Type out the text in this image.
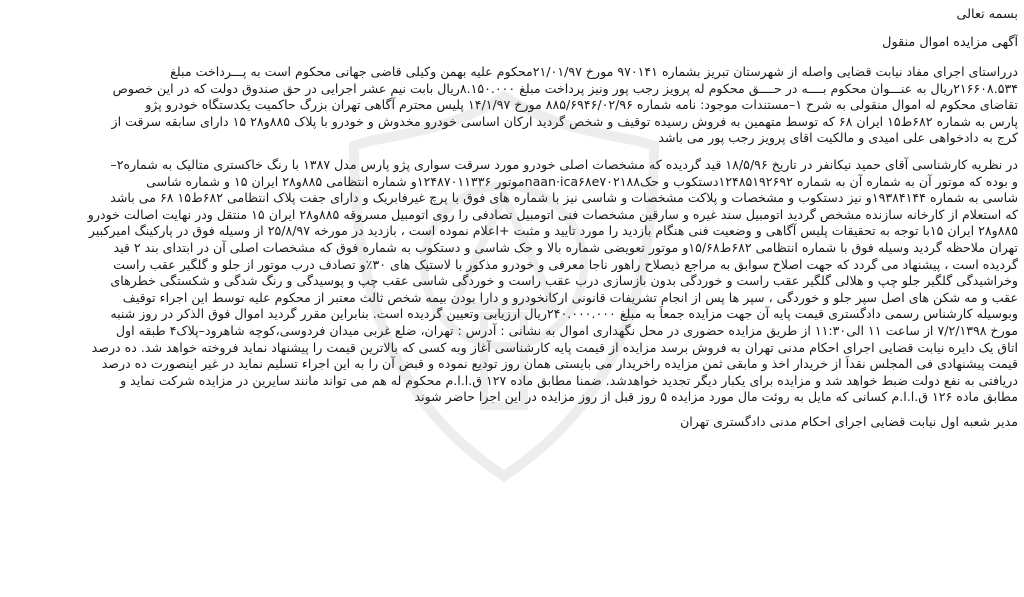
بسمه تعالی
آگهی مزایده اموال منقول
درراستای اجرای مفاد نیابت قضایی واصله از شهرستان تبریز بشماره ۹۷۰۱۴۱ مورخ ۲۱/۰۱/۹۷محکوم علیه بهمن وکیلی قاضی جهانی محکوم است به پـــرداخت مبلغ
۲۱۶۶۰۸.۵۳۴ریال به عنـــوان محکوم بــــه در حــــق محکوم له پرویز رجب پور ونیز پرداخت مبلغ ۸.۱۵۰.۰۰۰ریال بابت نیم عشر اجرایی در حق صندوق دولت که در این خصوص
تقاضای محکوم له اموال منقولی به شرح ۱–مستندات موجود: نامه شماره ۸۸۵/۶۹۴۶/۰۲/۹۶ مورخ ۱۴/۱/۹۷ پلیس محترم آگاهی تهران بزرگ حاکمیت یکدستگاه خودرو پژو
پارس به شماره ۶۸۲ط۱۵ ایران ۶۸ که توسط متهمین به فروش رسیده توقیف و شخص گردید ارکان اساسی خودرو مخدوش و خودرو با پلاک ۸۸۵و۲۸ ۱۵ دارای سابقه سرقت از
کرج به دادخواهی علی امیدی و مالکیت اقای پرویز رجب پور می باشد
در نظریه کارشناسی آقای حمید نیکانفر در تاریخ ۱۸/۵/۹۶ قید گردیده که مشخصات اصلی خودرو مورد سرقت سواری پژو پارس مدل ۱۳۸۷ با رنگ خاکستری متالیک به شماره۲–
و بوده که موتور آن به شماره آن به شماره ۱۲۴۸۵۱۹۲۶۹۲دستکوب و حکnaan·ica۶۸e۷۰۲۱۸۸موتور ۱۲۴۸۷۰۱۱۳۳۶و شماره انتظامی ۸۸۵و۲۸ ایران ۱۵ و شماره شاسی
شاسی به شماره ۱۹۳۸۴۱۴۴و نیز دستکوب و مشخصات و پلاکت مشخصات و شاسی نیز با شماره های فوق با پرچ غیرفابریک و دارای جفت پلاک انتظامی ۶۸۲ط۱۵ ۶۸ می باشد
که استعلام از کارخانه سازنده مشخص گردید اتومبیل سند غیره و سارقین مشخصات فنی اتومبیل تصادفی را روی اتومبیل مسروقه ۸۸۵و۲۸ ایران ۱۵ منتقل ودر نهایت اصالت خودرو
۸۸۵و۲۸ ایران ۱۵با توجه به تحقیقات پلیس آگاهی و وضعیت فنی هنگام بازدید را مورد تایید و مثبت +اعلام نموده است ، بازدید در مورخه ۲۵/۸/۹۷ از وسیله فوق در پارکینگ امیرکبیر
تهران ملاحظه گردید وسیله فوق با شماره انتظامی ۶۸۲ط۱۵/۶۸و موتور تعویضی شماره بالا و حک شاسی و دستکوب به شماره فوق که مشخصات اصلی آن در ابتدای بند ۲ قید
گردیده است ، پیشنهاد می گردد که جهت اصلاح سوابق به مراجع ذیصلاح راهور ناجا معرفی و خودرو مذکور با لاستیک های ۳۰٪و تصادف درب موتور از جلو و گلگیر عقب راست
وخراشیدگی گلگیر جلو چپ و هلالی گلگیر عقب راست و خوردگی بدون بازسازی درب عقب راست و خوردگی شاسی عقب چپ و پوسیدگی و رنگ شدگی و شکستگی خطرهای
عقب و مه شکن های اصل سپر جلو و خوردگی ، سپر ها پس از انجام تشریفات قانونی ارکانخودرو و دارا بودن بیمه شخص ثالث معتبر از محکوم علیه توسط این اجراء توقیف
وبوسیله کارشناس رسمی دادگستری قیمت پایه آن جهت مزایده جمعاً به مبلغ ۲۴۰.۰۰۰.۰۰۰ریال ارزیابی وتعیین گردیده است. بنابراین مقرر گردید اموال فوق الذکر در روز شنبه
مورخ ۷/۲/۱۳۹۸ از ساعت ۱۱ الی۱۱:۳۰ از طریق مزایده حضوری در محل نگهداری اموال به نشانی : آدرس : تهران، ضلع غربی میدان فردوسی،کوچه شاهرود–پلاک۴ طبقه اول
اتاق یک دایره نیابت قضایی اجرای احکام مدنی تهران به فروش برسد مزایده از قیمت پایه کارشناسی آغاز وبه کسی که بالاترین قیمت را پیشنهاد نماید فروخته خواهد شد. ده درصد
قیمت پیشنهادی فی المجلس نقداً از خریدار اخذ و مابقی ثمن مزایده راخریدار می بایستی همان روز تودیع نموده و قبض آن را به این اجراء تسلیم نماید در غیر اینصورت ده درصد
دریافتی به نفع دولت ضبط خواهد شد و مزایده برای یکبار دیگر تجدید خواهدشد. ضمنا مطابق ماده ۱۲۷ ق.ا.ا.م محکوم له هم می تواند مانند سایرین در مزایده شرکت نماید و
مطابق ماده ۱۲۶ ق.ا.ا.م کسانی که مایل به روئت مال مورد مزایده ۵ روز قبل از روز مزایده در این اجرا حاضر شوند
مدیر شعبه اول نیابت قضایی اجرای احکام مدنی دادگستری تهران
